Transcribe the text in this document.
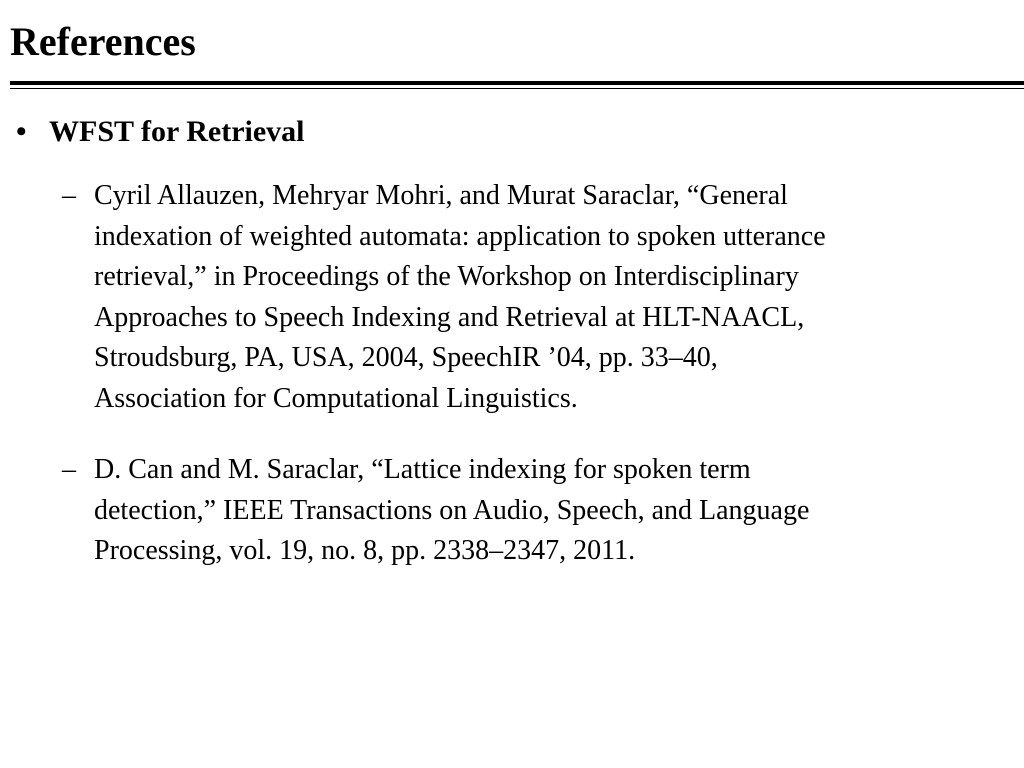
References
• WFST for Retrieval
– Cyril Allauzen, Mehryar Mohri, and Murat Saraclar, “General
indexation of weighted automata: application to spoken utterance
retrieval,” in Proceedings of the Workshop on Interdisciplinary
Approaches to Speech Indexing and Retrieval at HLT-NAACL,
Stroudsburg, PA, USA, 2004, SpeechIR ’04, pp. 33–40,
Association for Computational Linguistics.
– D. Can and M. Saraclar, “Lattice indexing for spoken term
detection,” IEEE Transactions on Audio, Speech, and Language
Processing, vol. 19, no. 8, pp. 2338–2347, 2011.
